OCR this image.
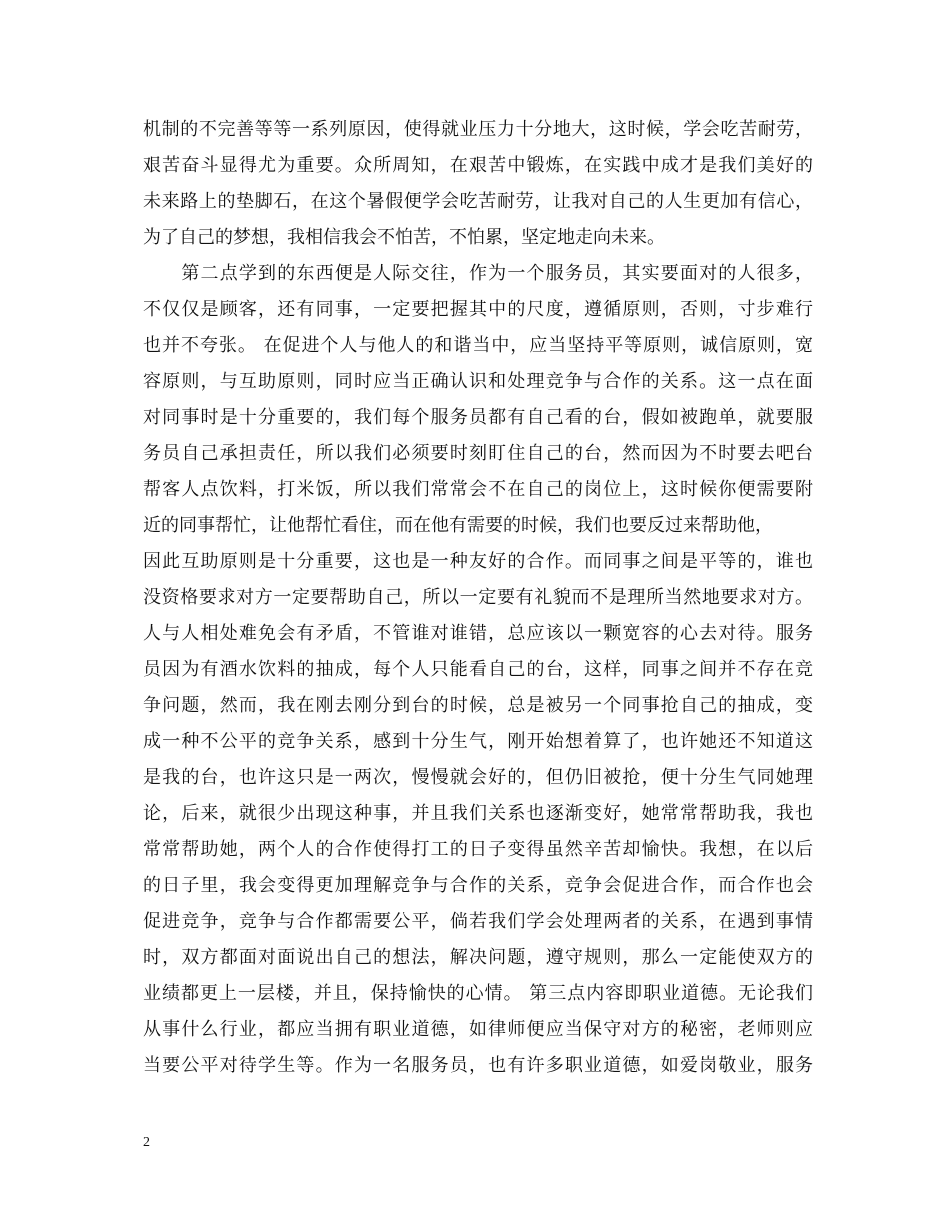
机制的不完善等等一系列原因，使得就业压力十分地大，这时候，学会吃苦耐劳，
艰苦奋斗显得尤为重要。众所周知，在艰苦中锻炼，在实践中成才是我们美好的
未来路上的垫脚石，在这个暑假便学会吃苦耐劳，让我对自己的人生更加有信心，
为了自己的梦想，我相信我会不怕苦，不怕累，坚定地走向未来。
　　第二点学到的东西便是人际交往，作为一个服务员，其实要面对的人很多，
不仅仅是顾客，还有同事，一定要把握其中的尺度，遵循原则，否则，寸步难行
也并不夸张。 在促进个人与他人的和谐当中，应当坚持平等原则，诚信原则，宽
容原则，与互助原则，同时应当正确认识和处理竞争与合作的关系。这一点在面
对同事时是十分重要的，我们每个服务员都有自己看的台，假如被跑单，就要服
务员自己承担责任，所以我们必须要时刻盯住自己的台，然而因为不时要去吧台
帮客人点饮料，打米饭，所以我们常常会不在自己的岗位上，这时候你便需要附
近的同事帮忙，让他帮忙看住，而在他有需要的时候，我们也要反过来帮助他，
因此互助原则是十分重要，这也是一种友好的合作。而同事之间是平等的，谁也
没资格要求对方一定要帮助自己，所以一定要有礼貌而不是理所当然地要求对方。
人与人相处难免会有矛盾，不管谁对谁错，总应该以一颗宽容的心去对待。服务
员因为有酒水饮料的抽成，每个人只能看自己的台，这样，同事之间并不存在竞
争问题，然而，我在刚去刚分到台的时候，总是被另一个同事抢自己的抽成，变
成一种不公平的竞争关系，感到十分生气，刚开始想着算了，也许她还不知道这
是我的台，也许这只是一两次，慢慢就会好的，但仍旧被抢，便十分生气同她理
论，后来，就很少出现这种事，并且我们关系也逐渐变好，她常常帮助我，我也
常常帮助她，两个人的合作使得打工的日子变得虽然辛苦却愉快。我想，在以后
的日子里，我会变得更加理解竞争与合作的关系，竞争会促进合作，而合作也会
促进竞争，竞争与合作都需要公平，倘若我们学会处理两者的关系，在遇到事情
时，双方都面对面说出自己的想法，解决问题，遵守规则，那么一定能使双方的
业绩都更上一层楼，并且，保持愉快的心情。 第三点内容即职业道德。无论我们
从事什么行业，都应当拥有职业道德，如律师便应当保守对方的秘密，老师则应
当要公平对待学生等。作为一名服务员，也有许多职业道德，如爱岗敬业，服务
2
